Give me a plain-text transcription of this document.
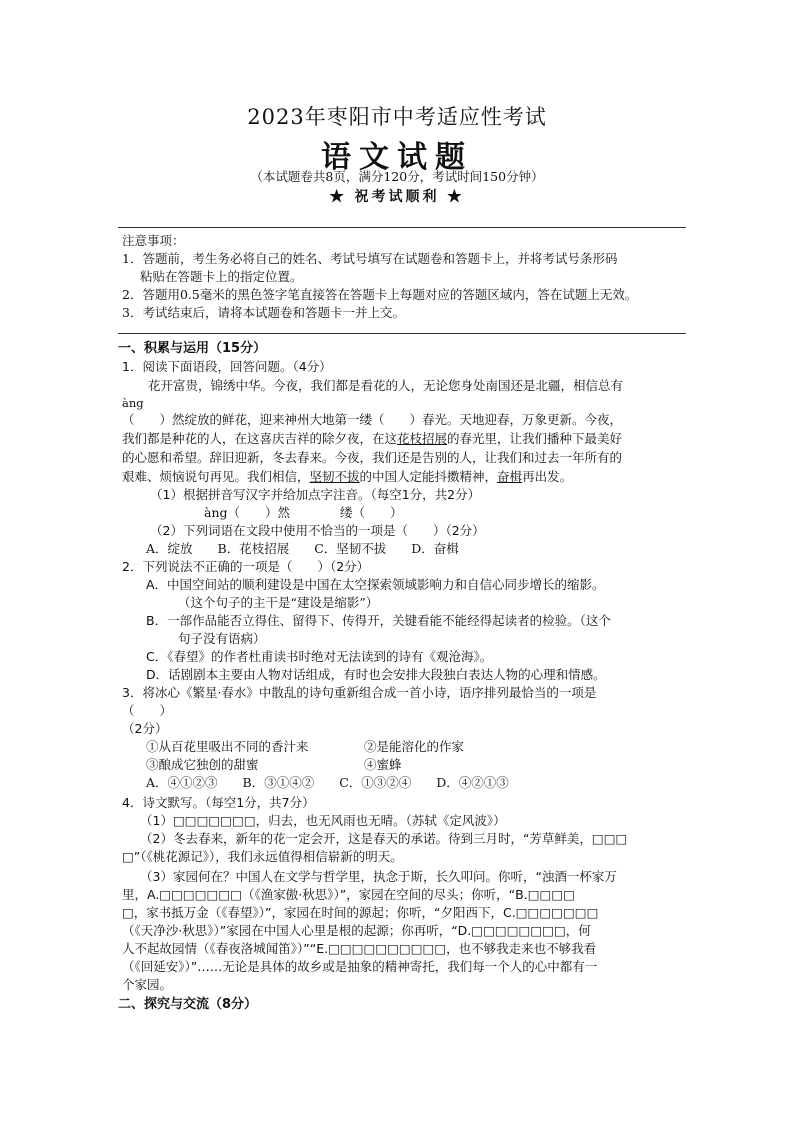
2023年枣阳市中考适应性考试
语文试题
（本试题卷共8页，满分120分，考试时间150分钟）
★ 祝考试顺利 ★
注意事项：
1．答题前，考生务必将自己的姓名、考试号填写在试题卷和答题卡上，并将考试号条形码
粘贴在答题卡上的指定位置。
2．答题用0.5毫米的黑色签字笔直接答在答题卡上每题对应的答题区域内，答在试题上无效。
3．考试结束后，请将本试题卷和答题卡一并上交。
一、积累与运用（15分）
1．阅读下面语段，回答问题。（4分）
花开富贵，锦绣中华。今夜，我们都是看花的人，无论您身处南国还是北疆，相信总有
àng
（　　）然绽放的鲜花，迎来神州大地第一缕（　　）春光。天地迎春，万象更新。今夜，
我们都是种花的人，在这喜庆吉祥的除夕夜，在这花枝招展的春光里，让我们播种下最美好
的心愿和希望。辞旧迎新，冬去春来。今夜，我们还是告别的人，让我们和过去一年所有的
艰难、烦恼说句再见。我们相信，坚韧不拔的中国人定能抖擞精神，奋楫再出发。
（1）根据拼音写汉字并给加点字注音。（每空1分，共2分）
àng（　　）然　　　　缕（　　）
（2）下列词语在文段中使用不恰当的一项是（　　）（2分）
A．绽放　　B．花枝招展　　C．坚韧不拔　　D．奋楫
2．下列说法不正确的一项是（　　）（2分）
A．中国空间站的顺利建设是中国在太空探索领域影响力和自信心同步增长的缩影。
（这个句子的主干是“建设是缩影”）
B．一部作品能否立得住、留得下、传得开，关键看能不能经得起读者的检验。（这个
句子没有语病）
C．《春望》的作者杜甫读书时绝对无法读到的诗有《观沧海》。
D．话剧剧本主要由人物对话组成，有时也会安排大段独白表达人物的心理和情感。
3．将冰心《繁星·春水》中散乱的诗句重新组合成一首小诗，语序排列最恰当的一项是
（　　）
（2分）
①从百花里吸出不同的香汁来	②是能溶化的作家
③酿成它独创的甜蜜	④蜜蜂
A．④①②③　　B．③①④②　　C．①③②④　　D．④②①③
4．诗文默写。（每空1分，共7分）
（1）□□□□□□□，归去，也无风雨也无晴。（苏轼《定风波》）
（2）冬去春来，新年的花一定会开，这是春天的承诺。待到三月时，“芳草鲜美，□□□
□”（《桃花源记》），我们永远值得相信崭新的明天。
（3）家园何在？中国人在文学与哲学里，执念于斯，长久叩问。你听，“浊酒一杯家万
里，A.□□□□□□□（《渔家傲·秋思》）”，家园在空间的尽头；你听，“B.□□□□
□，家书抵万金（《春望》）”，家园在时间的源起；你听，“夕阳西下，C.□□□□□□□
（《天净沙·秋思》）”家园在中国人心里是根的起源；你再听，“D.□□□□□□□□，何
人不起故园情（《春夜洛城闻笛》）”“E.□□□□□□□□□□，也不够我走来也不够我看
（《回延安》）”……无论是具体的故乡或是抽象的精神寄托，我们每一个人的心中都有一
个家园。
二、探究与交流（8分）
